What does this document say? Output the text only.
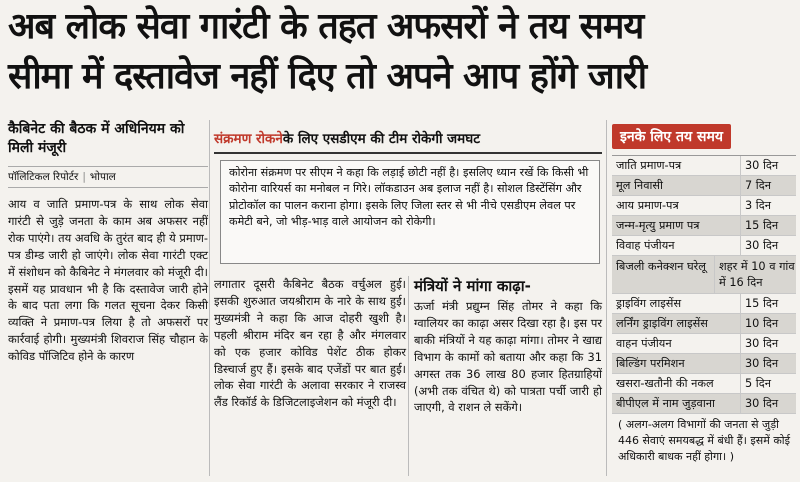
अब लोक सेवा गारंटी के तहत अफसरों ने तय समय
सीमा में दस्तावेज नहीं दिए तो अपने आप होंगे जारी
कैबिनेट की बैठक में अधिनियम को मिली मंजूरी
पॉलिटिकल रिपोर्टर | भोपाल

आय व जाति प्रमाण-पत्र के साथ लोक सेवा गारंटी से जुड़े जनता के काम अब अफसर नहीं रोक पाएंगे। तय अवधि के तुरंत बाद ही ये प्रमाण-पत्र डीम्ड जारी हो जाएंगे। लोक सेवा गारंटी एक्ट में संशोधन को कैबिनेट ने मंगलवार को मंजूरी दी। इसमें यह प्रावधान भी है कि दस्तावेज जारी होने के बाद पता लगा कि गलत सूचना देकर किसी व्यक्ति ने प्रमाण-पत्र लिया है तो अफसरों पर कार्रवाई होगी। मुख्यमंत्री शिवराज सिंह चौहान के कोविड पॉजिटिव होने के कारण

संक्रमण रोकने के लिए एसडीएम की टीम रोकेगी जमघट
कोरोना संक्रमण पर सीएम ने कहा कि लड़ाई छोटी नहीं है। इसलिए ध्यान रखें कि किसी भी कोरोना वारियर्स का मनोबल न गिरे। लॉकडाउन अब इलाज नहीं है। सोशल डिस्टेंसिंग और प्रोटोकॉल का पालन कराना होगा। इसके लिए जिला स्तर से भी नीचे एसडीएम लेवल पर कमेटी बने, जो भीड़-भाड़ वाले आयोजन को रोकेगी।

लगातार दूसरी कैबिनेट बैठक वर्चुअल हुई। इसकी शुरुआत जयश्रीराम के नारे के साथ हुई। मुख्यमंत्री ने कहा कि आज दोहरी खुशी है। पहली श्रीराम मंदिर बन रहा है और मंगलवार को एक हजार कोविड पेशेंट ठीक होकर डिस्चार्ज हुए हैं। इसके बाद एजेंडों पर बात हुई। लोक सेवा गारंटी के अलावा सरकार ने राजस्व लैंड रिकॉर्ड के डिजिटलाइजेशन को मंजूरी दी।

मंत्रियों ने मांगा काढ़ा-

ऊर्जा मंत्री प्रद्युम्न सिंह तोमर ने कहा कि ग्वालियर का काढ़ा असर दिखा रहा है। इस पर बाकी मंत्रियों ने यह काढ़ा मांगा। तोमर ने खाद्य विभाग के कामों को बताया और कहा कि 31 अगस्त तक 36 लाख 80 हजार हितग्राहियों (अभी तक वंचित थे) को पात्रता पर्ची जारी हो जाएगी, वे राशन ले सकेंगे।

इनके लिए तय समय
जाति प्रमाण-पत्र	30 दिन
मूल निवासी	7 दिन
आय प्रमाण-पत्र	3 दिन
जन्म-मृत्यु प्रमाण पत्र	15 दिन
विवाह पंजीयन	30 दिन
बिजली कनेक्शन घरेलू	शहर में 10 व गांव में 16 दिन
ड्राइविंग लाइसेंस	15 दिन
लर्निंग ड्राइविंग लाइसेंस	10 दिन
वाहन पंजीयन	30 दिन
बिल्डिंग परमिशन	30 दिन
खसरा-खतौनी की नकल	5 दिन
बीपीएल में नाम जुड़वाना	30 दिन

( अलग-अलग विभागों की जनता से जुड़ी 446 सेवाएं समयबद्ध में बंधी हैं। इसमें कोई अधिकारी बाधक नहीं होगा। )
